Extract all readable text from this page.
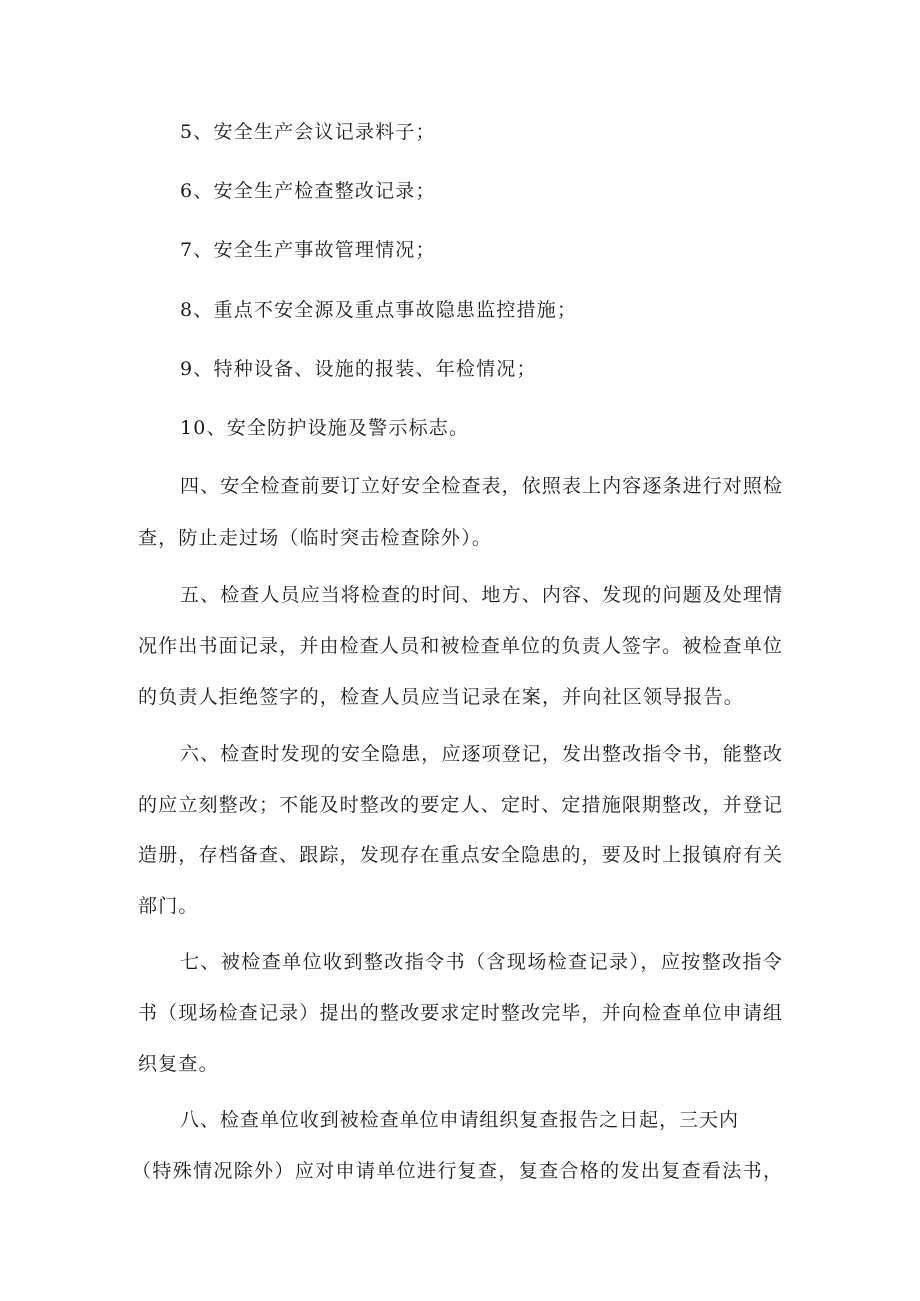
5、安全生产会议记录料子；
6、安全生产检查整改记录；
7、安全生产事故管理情况；
8、重点不安全源及重点事故隐患监控措施；
9、特种设备、设施的报装、年检情况；
10、安全防护设施及警示标志。
四、安全检查前要订立好安全检查表，依照表上内容逐条进行对照检
查，防止走过场（临时突击检查除外）。
五、检查人员应当将检查的时间、地方、内容、发现的问题及处理情
况作出书面记录，并由检查人员和被检查单位的负责人签字。被检查单位
的负责人拒绝签字的，检查人员应当记录在案，并向社区领导报告。
六、检查时发现的安全隐患，应逐项登记，发出整改指令书，能整改
的应立刻整改；不能及时整改的要定人、定时、定措施限期整改，并登记
造册，存档备查、跟踪，发现存在重点安全隐患的，要及时上报镇府有关
部门。
七、被检查单位收到整改指令书（含现场检查记录），应按整改指令
书（现场检查记录）提出的整改要求定时整改完毕，并向检查单位申请组
织复查。
八、检查单位收到被检查单位申请组织复查报告之日起，三天内
（特殊情况除外）应对申请单位进行复查，复查合格的发出复查看法书，
